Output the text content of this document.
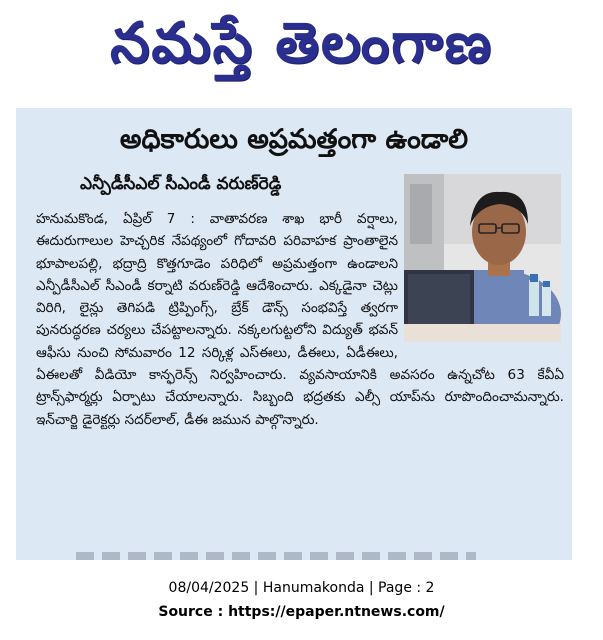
నమస్తే తెలంగాణ
అధికారులు అప్రమత్తంగా ఉండాలి
ఎన్పీడీసీఎల్ సీఎండీ వరుణ్‌రెడ్డి
హనుమకొండ, ఏప్రిల్ 7 : వాతావరణ శాఖ భారీ వర్షాలు, ఈదురుగాలుల హెచ్చరిక నేపథ్యంలో గోదావరి పరివాహక ప్రాంతాలైన భూపాలపల్లి, భద్రాద్రి కొత్తగూడెం పరిధిలో అప్రమత్తంగా ఉండాలని ఎన్పీడీసీఎల్ సీఎండీ కర్నాటి వరుణ్‌రెడ్డి ఆదేశించారు. ఎక్కడైనా చెట్లు విరిగి, లైన్లు తెగిపడి ట్రిప్పింగ్స్, బ్రేక్ డౌన్స్ సంభవిస్తే త్వరగా పునరుద్ధరణ చర్యలు చేపట్టాలన్నారు. నక్కలగుట్టలోని విద్యుత్ భవన్ ఆఫీసు నుంచి సోమవారం 12 సర్కిళ్ల ఎస్ఈలు, డీఈలు, ఏడీఈలు, ఏఈలతో వీడియో కాన్ఫరెన్స్ నిర్వహించారు. వ్యవసాయానికి అవసరం ఉన్నచోట 63 కేవీఏ ట్రాన్స్‌ఫార్మర్లు ఏర్పాటు చేయాలన్నారు. సిబ్బంది భద్రతకు ఎల్సీ యాప్‌ను రూపొందించామన్నారు. ఇన్‌చార్జి డైరెక్టర్లు సదర్‌లాల్, డీఈ జమున పాల్గొన్నారు.
08/04/2025 | Hanumakonda | Page : 2
Source : https://epaper.ntnews.com/
